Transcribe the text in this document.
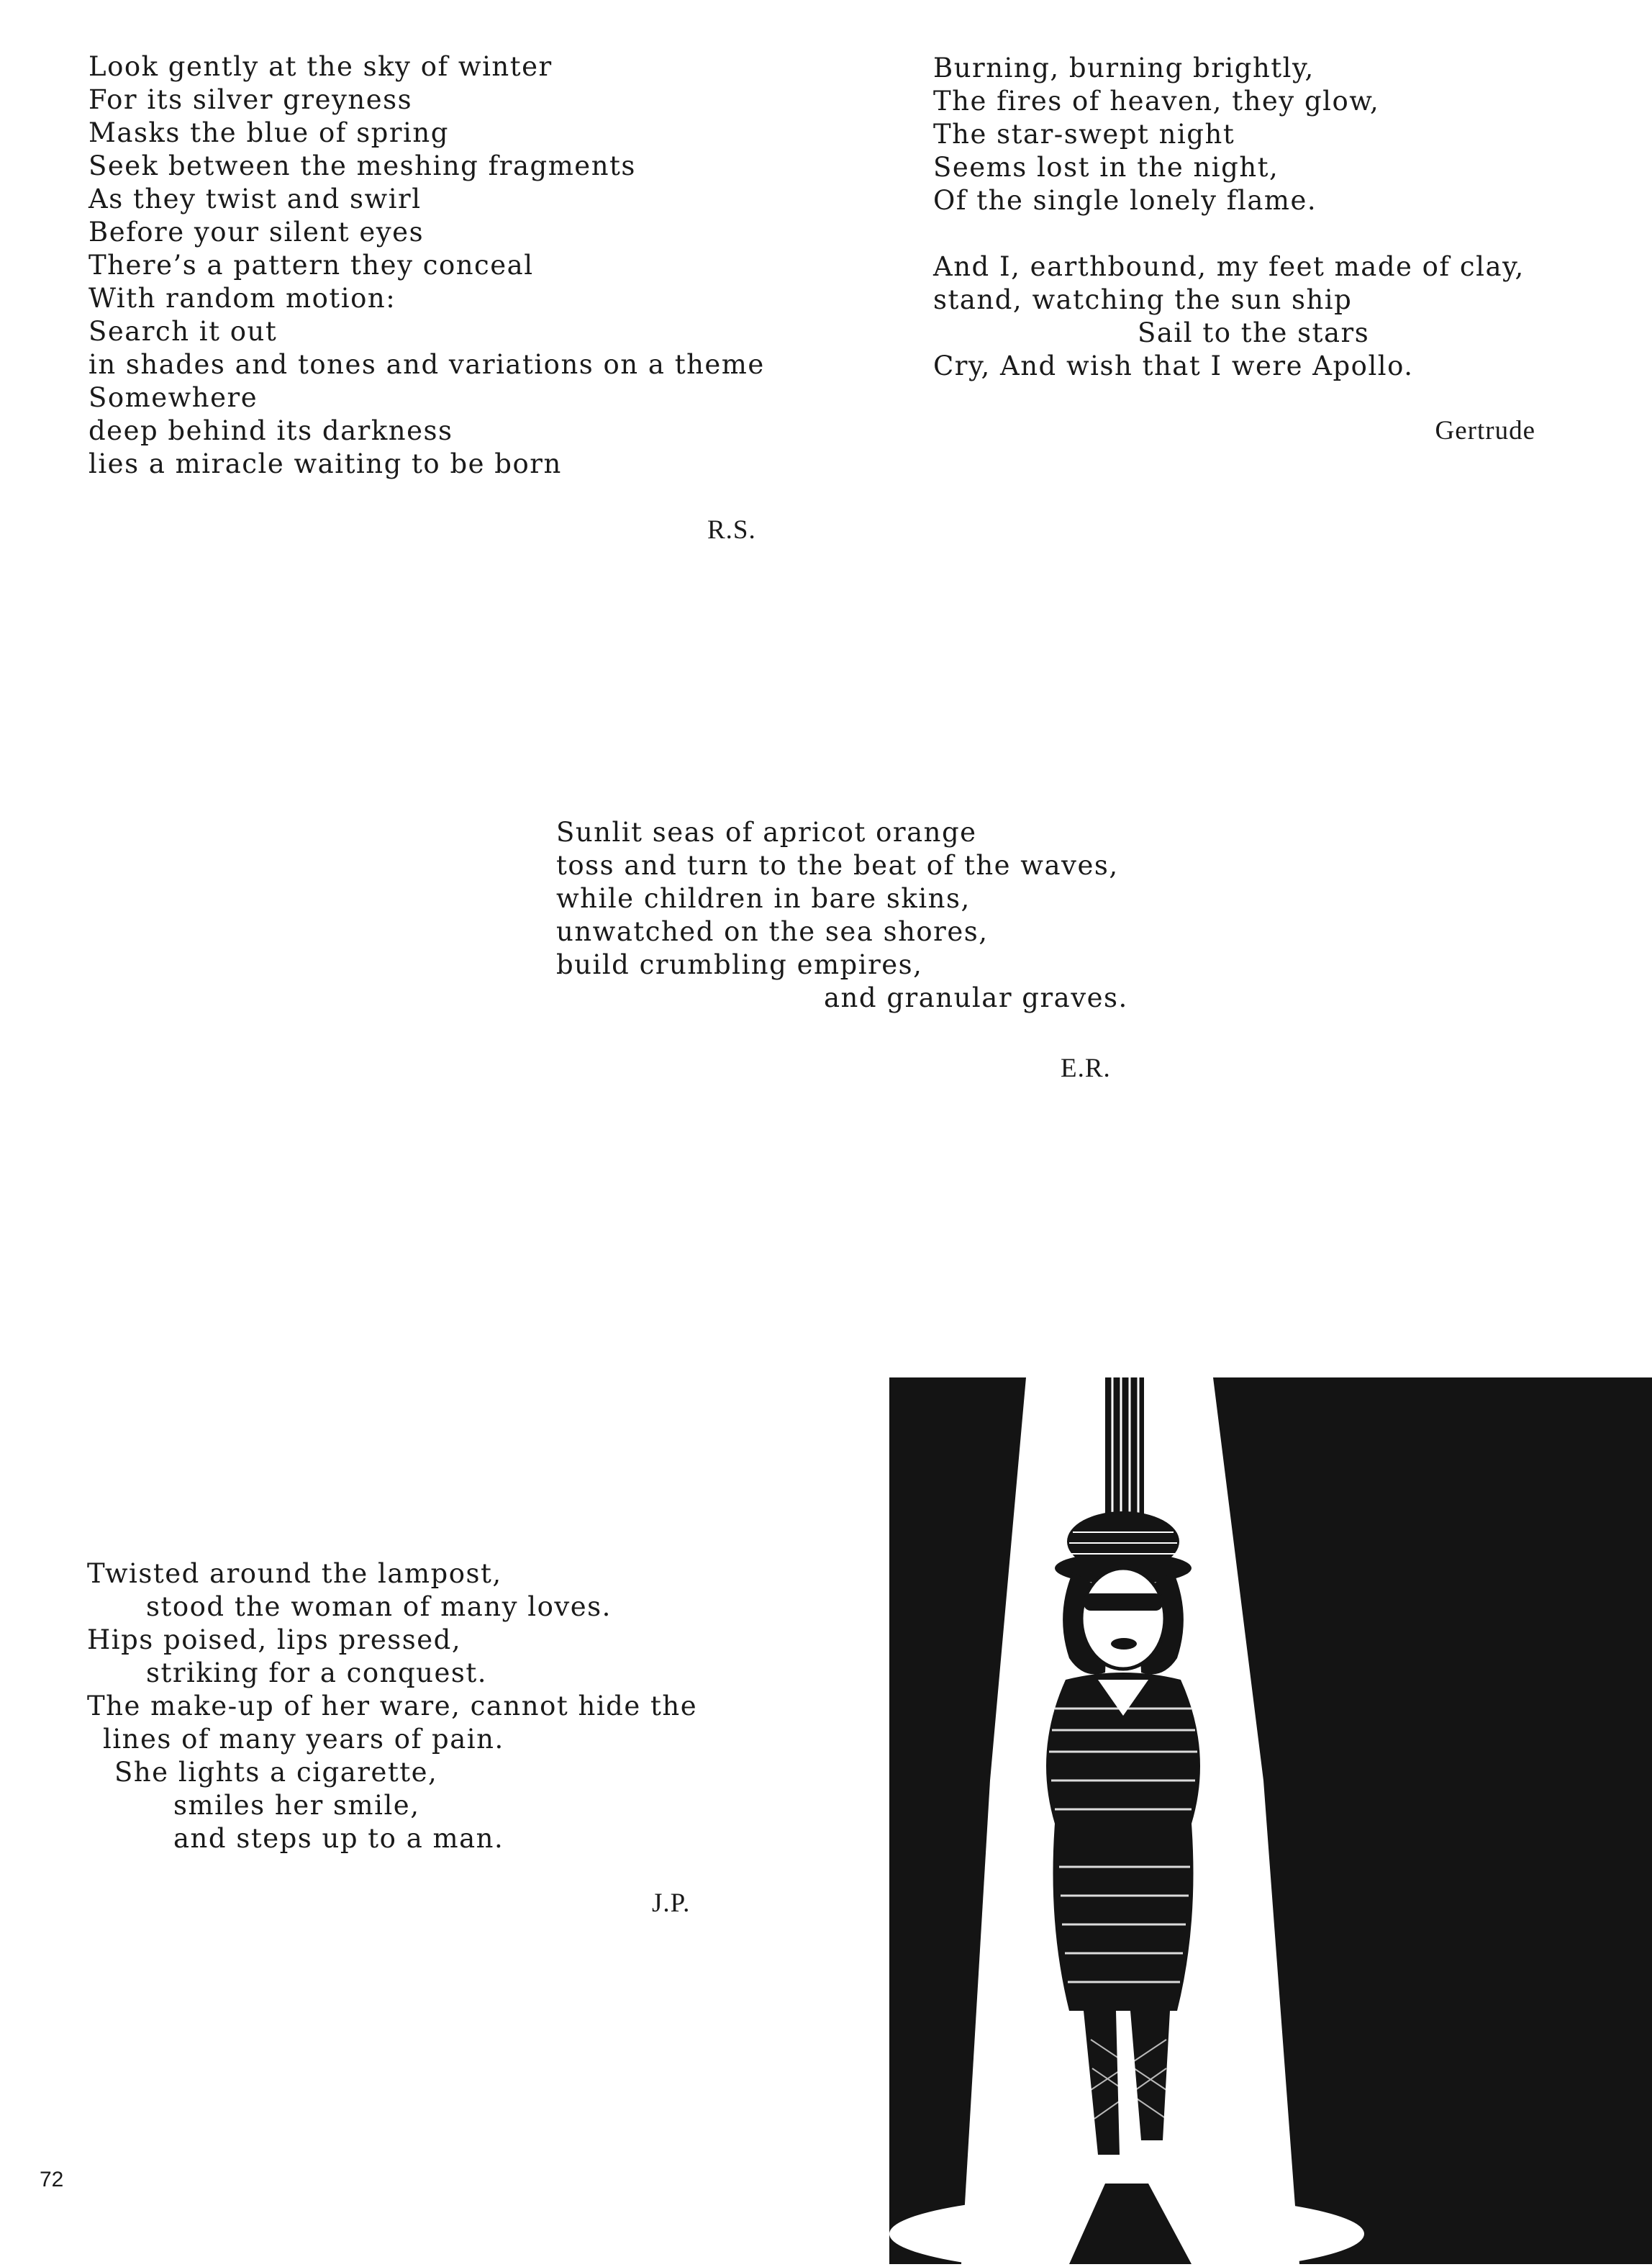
Look gently at the sky of winter
For its silver greyness
Masks the blue of spring
Seek between the meshing fragments
As they twist and swirl
Before your silent eyes
There’s a pattern they conceal
With random motion:
Search it out
in shades and tones and variations on a theme
Somewhere
deep behind its darkness
lies a miracle waiting to be born
R.S.
Burning, burning brightly,
The fires of heaven, they glow,
The star-swept night
Seems lost in the night,
Of the single lonely flame.

And I, earthbound, my feet made of clay,
stand, watching the sun ship
Sail to the stars
Cry, And wish that I were Apollo.
Gertrude
Sunlit seas of apricot orange
toss and turn to the beat of the waves,
while children in bare skins,
unwatched on the sea shores,
build crumbling empires,
and granular graves.
E.R.
Twisted around the lampost,
stood the woman of many loves.
Hips poised, lips pressed,
striking for a conquest.
The make-up of her ware, cannot hide the
lines of many years of pain.
She lights a cigarette,
smiles her smile,
and steps up to a man.
J.P.
72
